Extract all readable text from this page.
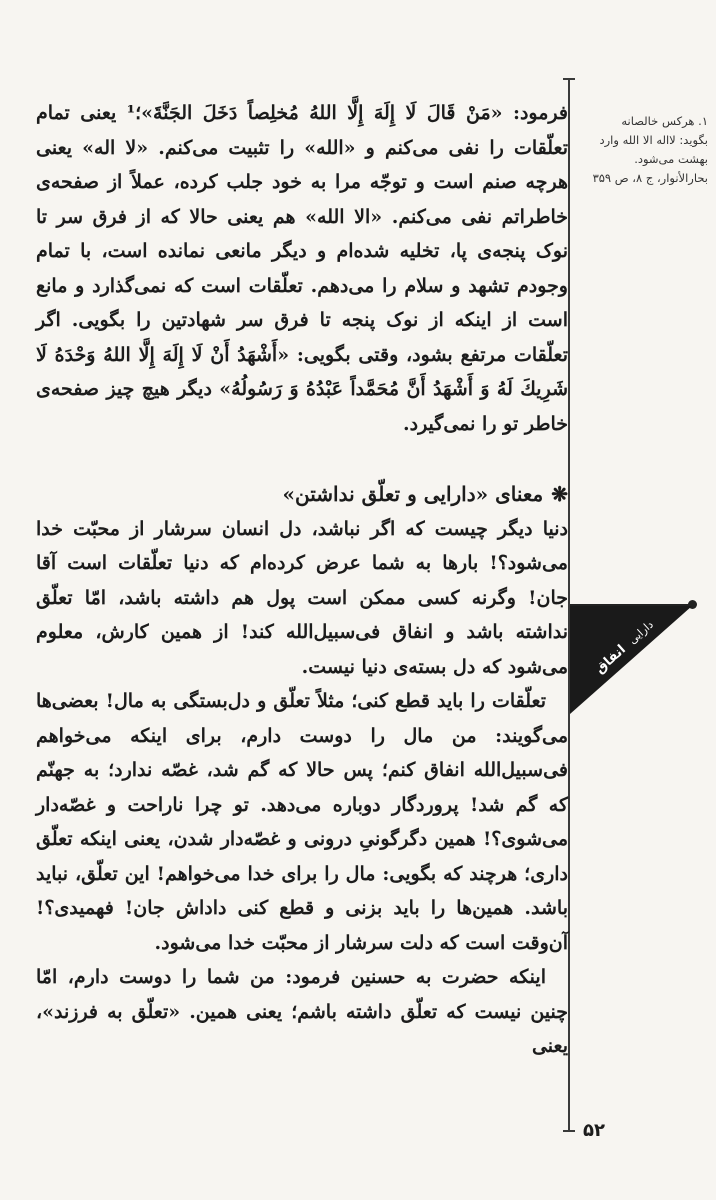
فرمود: «مَنْ قَالَ لَا إِلَهَ إِلَّا اللهُ مُخلِصاً دَخَلَ الجَنَّةَ»؛¹ یعنی تمام تعلّقات را نفی می‌کنم و «الله» را تثبیت می‌کنم. «لا اله» یعنی هرچه صنم است و توجّه مرا به خود جلب کرده، عملاً از صفحه‌ی خاطراتم نفی می‌کنم. «الا الله» هم یعنی حالا که از فرق سر تا نوک پنجه‌ی پا، تخلیه شده‌ام و دیگر مانعی نمانده است، با تمام وجودم تشهد و سلام را می‌دهم. تعلّقات است که نمی‌گذارد و مانع است از اینکه از نوک پنجه تا فرق سر شهادتین را بگویی. اگر تعلّقات مرتفع بشود، وقتی بگویی: «أَشْهَدُ أَنْ لَا إِلَهَ إِلَّا اللهُ وَحْدَهُ لَا شَرِيكَ لَهُ وَ أَشْهَدُ أَنَّ مُحَمَّداً عَبْدُهُ وَ رَسُولُهُ» دیگر هیچ چیز صفحه‌ی خاطر تو را نمی‌گیرد.

❋
معنای «دارایی و تعلّق نداشتن»

دنیا دیگر چیست که اگر نباشد، دل انسان سرشار از محبّت خدا می‌شود؟! بارها به شما عرض کرده‌ام که دنیا تعلّقات است آقا جان! وگرنه کسی ممکن است پول هم داشته باشد، امّا تعلّق نداشته باشد و انفاق فی‌سبیل‌الله کند! از همین کارش، معلوم می‌شود که دل بسته‌ی دنیا نیست.

تعلّقات را باید قطع کنی؛ مثلاً تعلّق و دل‌بستگی به مال! بعضی‌ها می‌گویند: من مال را دوست دارم، برای اینکه می‌خواهم فی‌سبیل‌الله انفاق کنم؛ پس حالا که گم شد، غصّه ندارد؛ به جهنّم که گم شد! پروردگار دوباره می‌دهد. تو چرا ناراحت و غصّه‌دار می‌شوی؟! همین دگرگونیِ درونی و غصّه‌دار شدن، یعنی اینکه تعلّق داری؛ هرچند که بگویی: مال را برای خدا می‌خواهم! این تعلّق، نباید باشد. همین‌ها را باید بزنی و قطع کنی داداش جان! فهمیدی؟! آن‌وقت است که دلت سرشار از محبّت خدا می‌شود.

اینکه حضرت به حسنین فرمود: من شما را دوست دارم، امّا چنین نیست که تعلّق داشته باشم؛ یعنی همین. «تعلّق به فرزند»، یعنی

۱. هرکس خالصانه بگوید: لااله الا الله وارد بهشت می‌شود. بحارالأنوار، ج ۸، ص ۳۵۹
انفاق
دارایی
۵۲
